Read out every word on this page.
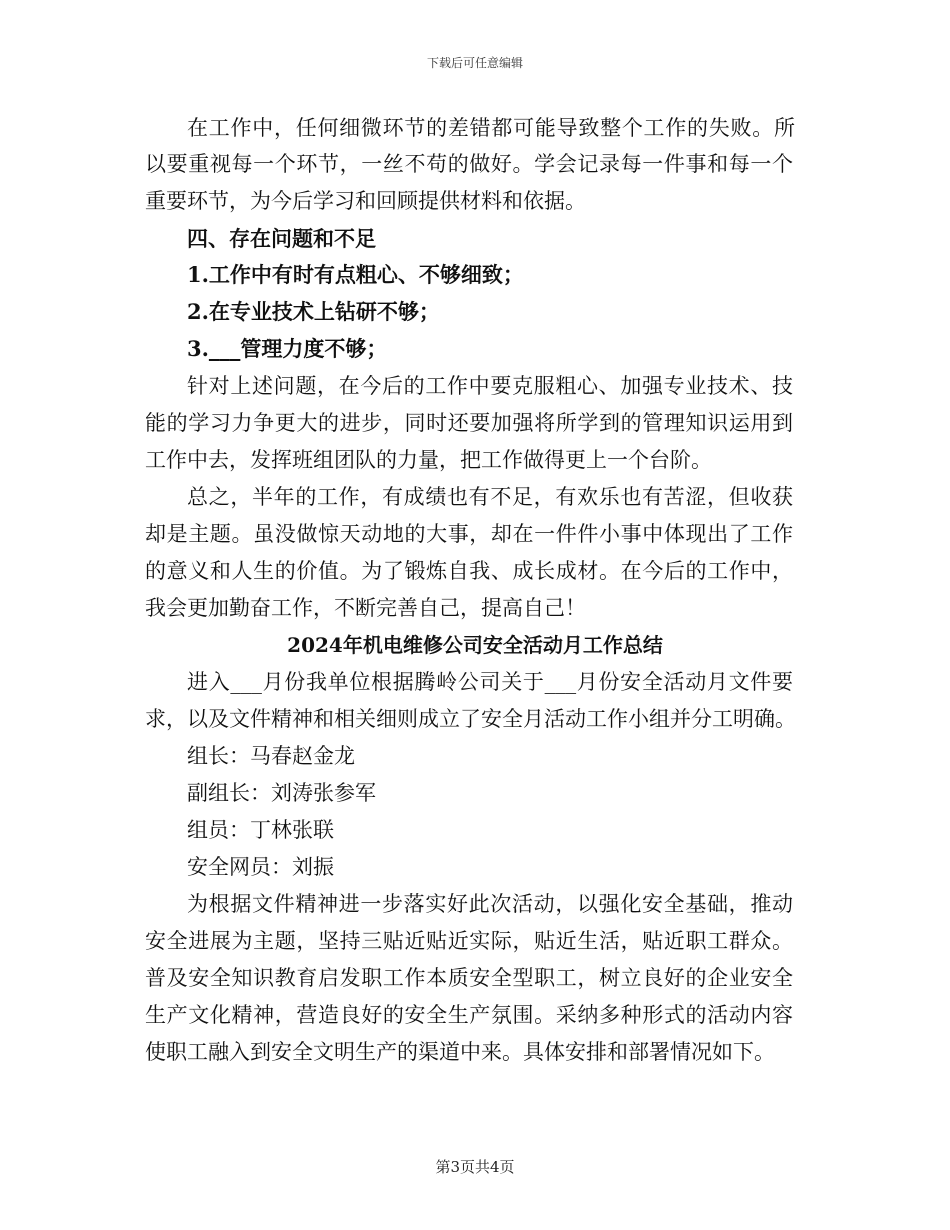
下载后可任意编辑
在工作中，任何细微环节的差错都可能导致整个工作的失败。所
以要重视每一个环节，一丝不苟的做好。学会记录每一件事和每一个
重要环节，为今后学习和回顾提供材料和依据。
四、存在问题和不足
1.工作中有时有点粗心、不够细致；
2.在专业技术上钻研不够；
3.___管理力度不够；
针对上述问题，在今后的工作中要克服粗心、加强专业技术、技
能的学习力争更大的进步，同时还要加强将所学到的管理知识运用到
工作中去，发挥班组团队的力量，把工作做得更上一个台阶。
总之，半年的工作，有成绩也有不足，有欢乐也有苦涩，但收获
却是主题。虽没做惊天动地的大事，却在一件件小事中体现出了工作
的意义和人生的价值。为了锻炼自我、成长成材。在今后的工作中，
我会更加勤奋工作，不断完善自己，提高自己！
2024年机电维修公司安全活动月工作总结
进入___月份我单位根据腾岭公司关于___月份安全活动月文件要
求，以及文件精神和相关细则成立了安全月活动工作小组并分工明确。
组长：马春赵金龙
副组长：刘涛张参军
组员：丁林张联
安全网员：刘振
为根据文件精神进一步落实好此次活动，以强化安全基础，推动
安全进展为主题，坚持三贴近贴近实际，贴近生活，贴近职工群众。
普及安全知识教育启发职工作本质安全型职工，树立良好的企业安全
生产文化精神，营造良好的安全生产氛围。采纳多种形式的活动内容
使职工融入到安全文明生产的渠道中来。具体安排和部署情况如下。
第3页共4页
